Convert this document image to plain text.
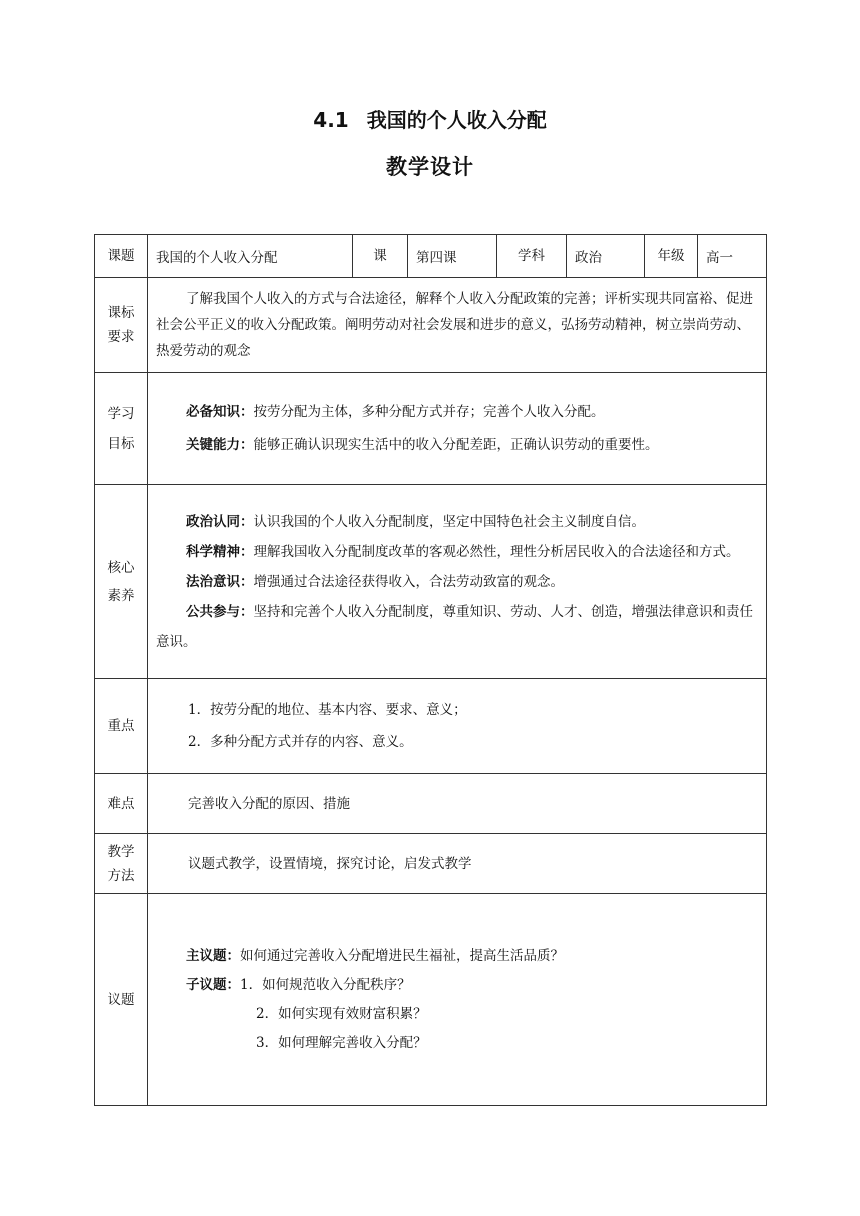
4.1 我国的个人收入分配
教学设计
课题	我国的个人收入分配	课	第四课	学科	政治	年级	高一
课标要求	了解我国个人收入的方式与合法途径，解释个人收入分配政策的完善；评析实现共同富裕、促进社会公平正义的收入分配政策。阐明劳动对社会发展和进步的意义，弘扬劳动精神，树立崇尚劳动、热爱劳动的观念						

学习目标	必备知识：按劳分配为主体，多种分配方式并存；完善个人收入分配。

关键能力：能够正确认识现实生活中的收入分配差距，正确认识劳动的重要性。						

核心素养	政治认同：认识我国的个人收入分配制度，坚定中国特色社会主义制度自信。

科学精神：理解我国收入分配制度改革的客观必然性，理性分析居民收入的合法途径和方式。

法治意识：增强通过合法途径获得收入，合法劳动致富的观念。

公共参与：坚持和完善个人收入分配制度，尊重知识、劳动、人才、创造，增强法律意识和责任意识。						

重点	1．按劳分配的地位、基本内容、要求、意义；

2．多种分配方式并存的内容、意义。						

难点	完善收入分配的原因、措施						

教学方法	议题式教学，设置情境，探究讨论，启发式教学						

议题	主议题：如何通过完善收入分配增进民生福祉，提高生活品质？

子议题：1．如何规范收入分配秩序？

2．如何实现有效财富积累？

3．如何理解完善收入分配？						
